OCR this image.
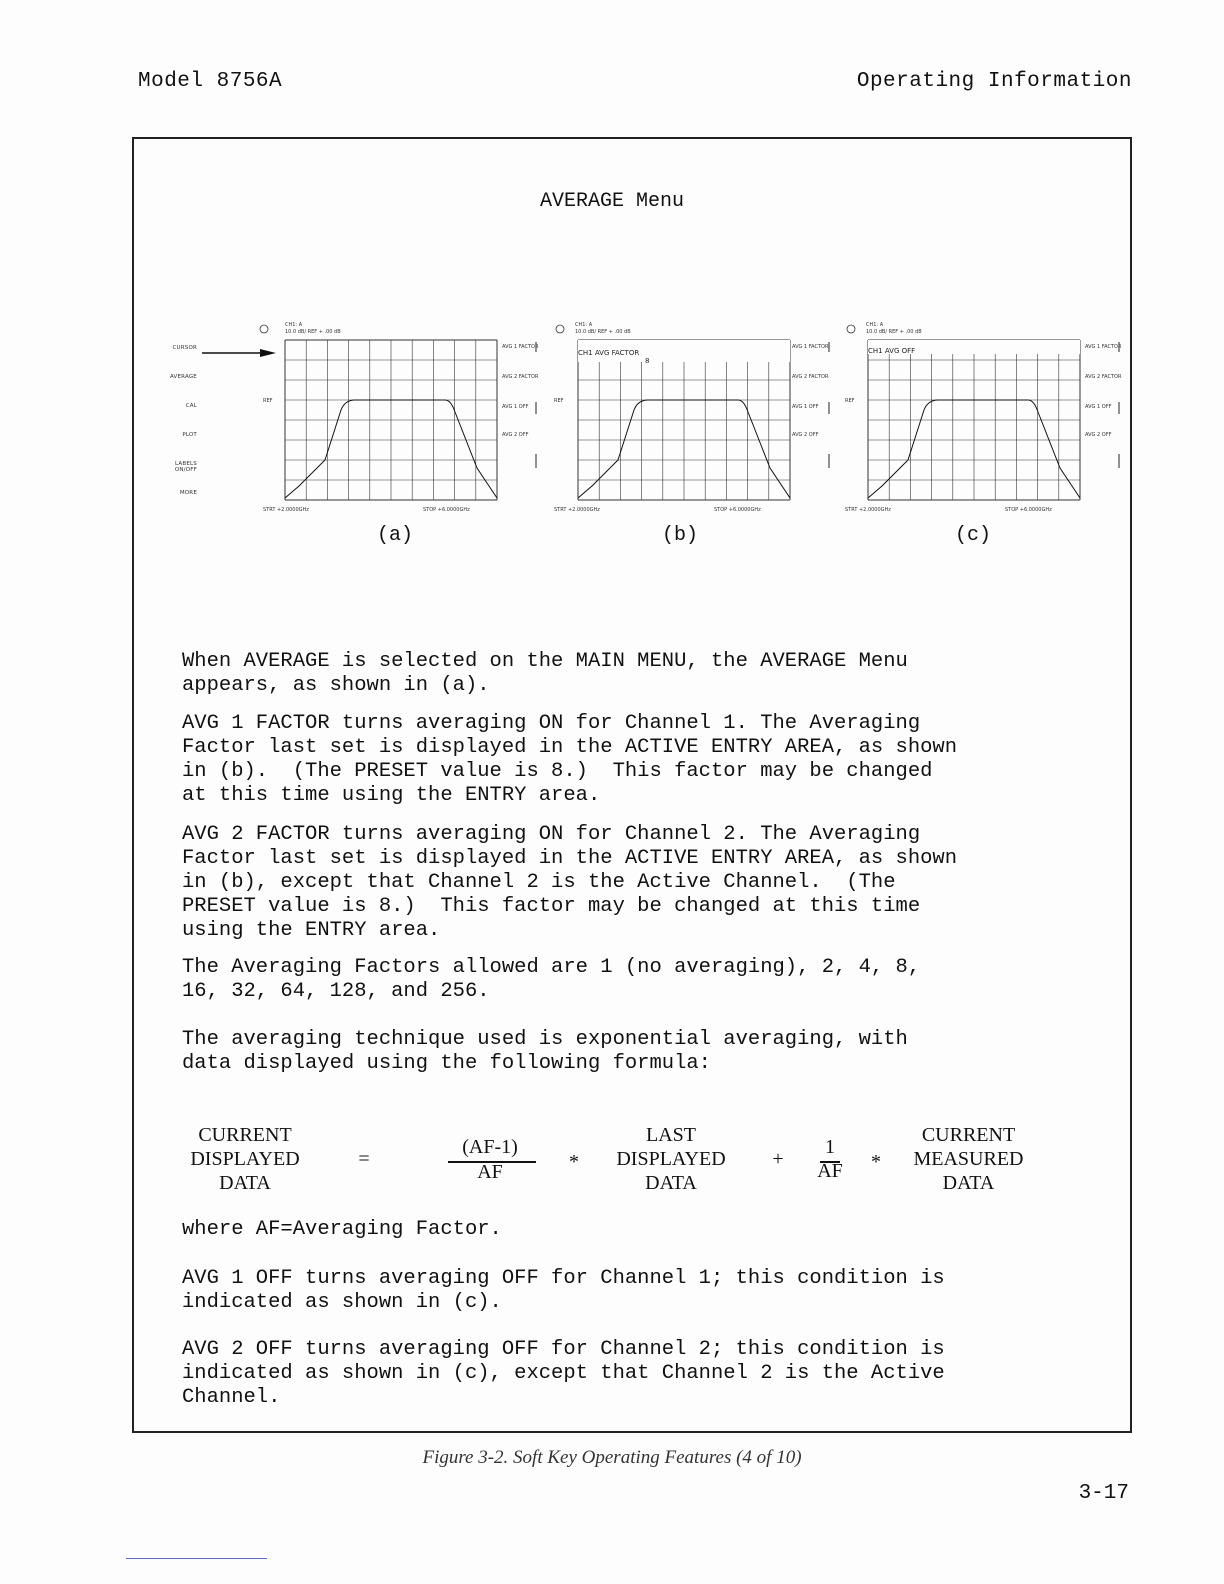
Model 8756A	Operating Information
AVERAGE Menu
CURSOR
AVERAGE
CAL
PLOT
LABELS ON/OFF
MORE
CH1: A
10.0 dB/ REF + .00 dB
REF
STRT +2.0000GHz	STOP +6.0000GHz
AVG 1 FACTOR
AVG 2 FACTOR
AVG 1 OFF
AVG 2 OFF
(a)
CH1: A
10.0 dB/ REF + .00 dB
CH1 AVG FACTOR
8
REF
STRT +2.0000GHz	STOP +6.0000GHz
AVG 1 FACTOR
AVG 2 FACTOR
AVG 1 OFF
AVG 2 OFF
(b)
CH1: A
10.0 dB/ REF + .00 dB
CH1 AVG OFF
REF
STRT +2.0000GHz	STOP +6.0000GHz
AVG 1 FACTOR
AVG 2 FACTOR
AVG 1 OFF
AVG 2 OFF
(c)
When AVERAGE is selected on the MAIN MENU, the AVERAGE Menu
appears, as shown in (a).
AVG 1 FACTOR turns averaging ON for Channel 1. The Averaging
Factor last set is displayed in the ACTIVE ENTRY AREA, as shown
in (b).  (The PRESET value is 8.)  This factor may be changed
at this time using the ENTRY area.
AVG 2 FACTOR turns averaging ON for Channel 2. The Averaging
Factor last set is displayed in the ACTIVE ENTRY AREA, as shown
in (b), except that Channel 2 is the Active Channel.  (The
PRESET value is 8.)  This factor may be changed at this time
using the ENTRY area.
The Averaging Factors allowed are 1 (no averaging), 2, 4, 8,
16, 32, 64, 128, and 256.
The averaging technique used is exponential averaging, with
data displayed using the following formula:
CURRENT
DISPLAYED
DATA
=
(AF-1)
AF	*
LAST
DISPLAYED
DATA
+
1
AF	*
CURRENT
MEASURED
DATA
where AF=Averaging Factor.
AVG 1 OFF turns averaging OFF for Channel 1; this condition is
indicated as shown in (c).
AVG 2 OFF turns averaging OFF for Channel 2; this condition is
indicated as shown in (c), except that Channel 2 is the Active
Channel.
Figure 3-2. Soft Key Operating Features (4 of 10)
3-17
